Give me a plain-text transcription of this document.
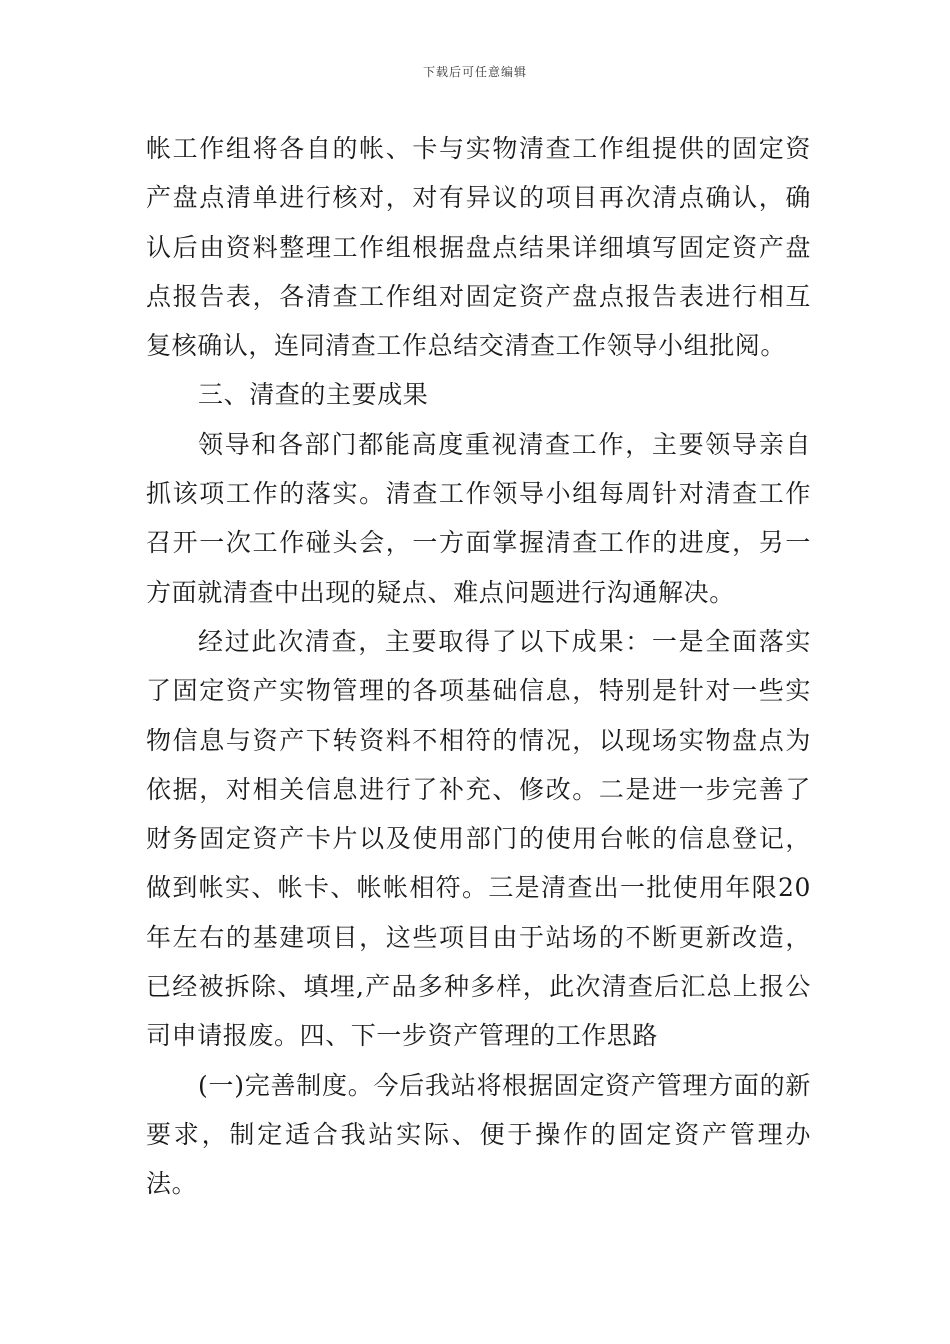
下载后可任意编辑

帐工作组将各自的帐、卡与实物清查工作组提供的固定资产盘点清单进行核对，对有异议的项目再次清点确认，确认后由资料整理工作组根据盘点结果详细填写固定资产盘点报告表，各清查工作组对固定资产盘点报告表进行相互复核确认，连同清查工作总结交清查工作领导小组批阅。

三、清查的主要成果

领导和各部门都能高度重视清查工作，主要领导亲自抓该项工作的落实。清查工作领导小组每周针对清查工作召开一次工作碰头会，一方面掌握清查工作的进度，另一方面就清查中出现的疑点、难点问题进行沟通解决。

经过此次清查，主要取得了以下成果：一是全面落实了固定资产实物管理的各项基础信息，特别是针对一些实物信息与资产下转资料不相符的情况，以现场实物盘点为依据，对相关信息进行了补充、修改。二是进一步完善了财务固定资产卡片以及使用部门的使用台帐的信息登记，做到帐实、帐卡、帐帐相符。三是清查出一批使用年限20年左右的基建项目，这些项目由于站场的不断更新改造，已经被拆除、填埋,产品多种多样，此次清查后汇总上报公司申请报废。四、下一步资产管理的工作思路

(一)完善制度。今后我站将根据固定资产管理方面的新要求，制定适合我站实际、便于操作的固定资产管理办法。
